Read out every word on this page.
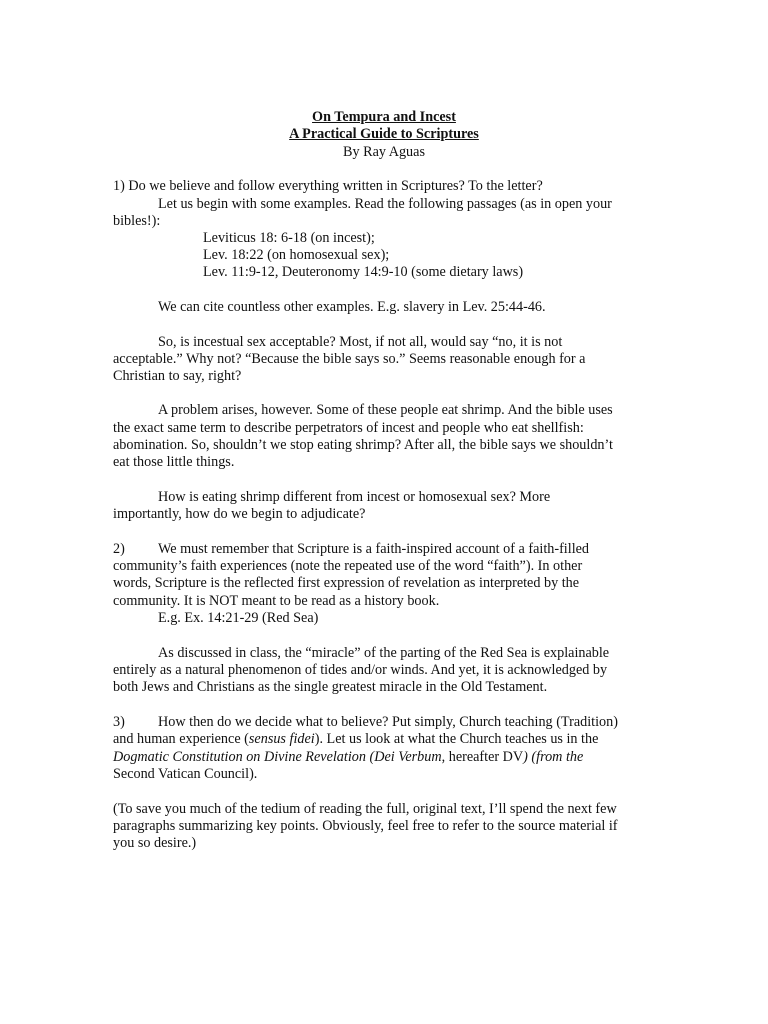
On Tempura and Incest
A Practical Guide to Scriptures
By Ray Aguas
1) Do we believe and follow everything written in Scriptures? To the letter?
Let us begin with some examples. Read the following passages (as in open your
bibles!):
Leviticus 18: 6-18 (on incest);
Lev. 18:22 (on homosexual sex);
Lev. 11:9-12, Deuteronomy 14:9-10 (some dietary laws)
We can cite countless other examples. E.g. slavery in Lev. 25:44-46.
So, is incestual sex acceptable? Most, if not all, would say “no, it is not
acceptable.” Why not? “Because the bible says so.” Seems reasonable enough for a
Christian to say, right?
A problem arises, however. Some of these people eat shrimp. And the bible uses
the exact same term to describe perpetrators of incest and people who eat shellfish:
abomination. So, shouldn’t we stop eating shrimp? After all, the bible says we shouldn’t
eat those little things.
How is eating shrimp different from incest or homosexual sex? More
importantly, how do we begin to adjudicate?
2) We must remember that Scripture is a faith-inspired account of a faith-filled
community’s faith experiences (note the repeated use of the word “faith”). In other
words, Scripture is the reflected first expression of revelation as interpreted by the
community. It is NOT meant to be read as a history book.
E.g. Ex. 14:21-29 (Red Sea)
As discussed in class, the “miracle” of the parting of the Red Sea is explainable
entirely as a natural phenomenon of tides and/or winds. And yet, it is acknowledged by
both Jews and Christians as the single greatest miracle in the Old Testament.
3) How then do we decide what to believe? Put simply, Church teaching (Tradition)
and human experience (sensus fidei). Let us look at what the Church teaches us in the
Dogmatic Constitution on Divine Revelation (Dei Verbum, hereafter DV) (from the
Second Vatican Council).
(To save you much of the tedium of reading the full, original text, I’ll spend the next few
paragraphs summarizing key points. Obviously, feel free to refer to the source material if
you so desire.)
